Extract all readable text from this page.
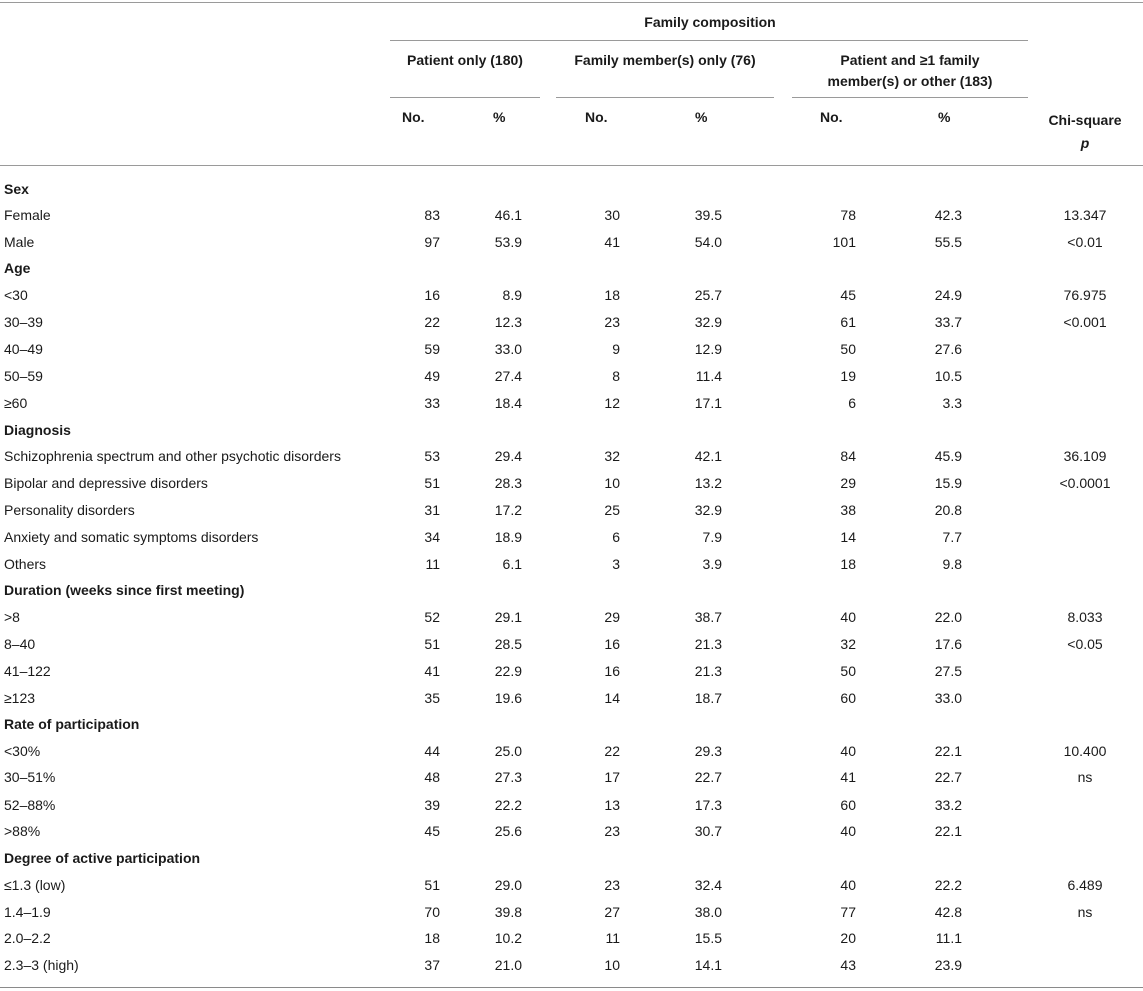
Family composition
Patient only (180)	Family member(s) only (76)	Patient and ≥1 family
member(s) or other (183)
No.	%	No.	%	No.	%	Chi-square
p
Sex
Female	83	46.1	30	39.5	78	42.3	13.347
Male	97	53.9	41	54.0	101	55.5	<0.01
Age
<30	16	8.9	18	25.7	45	24.9	76.975
30–39	22	12.3	23	32.9	61	33.7	<0.001
40–49	59	33.0	9	12.9	50	27.6
50–59	49	27.4	8	11.4	19	10.5
≥60	33	18.4	12	17.1	6	3.3
Diagnosis
Schizophrenia spectrum and other psychotic disorders	53	29.4	32	42.1	84	45.9	36.109
Bipolar and depressive disorders	51	28.3	10	13.2	29	15.9	<0.0001
Personality disorders	31	17.2	25	32.9	38	20.8
Anxiety and somatic symptoms disorders	34	18.9	6	7.9	14	7.7
Others	11	6.1	3	3.9	18	9.8
Duration (weeks since first meeting)
>8	52	29.1	29	38.7	40	22.0	8.033
8–40	51	28.5	16	21.3	32	17.6	<0.05
41–122	41	22.9	16	21.3	50	27.5
≥123	35	19.6	14	18.7	60	33.0
Rate of participation
<30%	44	25.0	22	29.3	40	22.1	10.400
30–51%	48	27.3	17	22.7	41	22.7	ns
52–88%	39	22.2	13	17.3	60	33.2
>88%	45	25.6	23	30.7	40	22.1
Degree of active participation
≤1.3 (low)	51	29.0	23	32.4	40	22.2	6.489
1.4–1.9	70	39.8	27	38.0	77	42.8	ns
2.0–2.2	18	10.2	11	15.5	20	11.1
2.3–3 (high)	37	21.0	10	14.1	43	23.9
